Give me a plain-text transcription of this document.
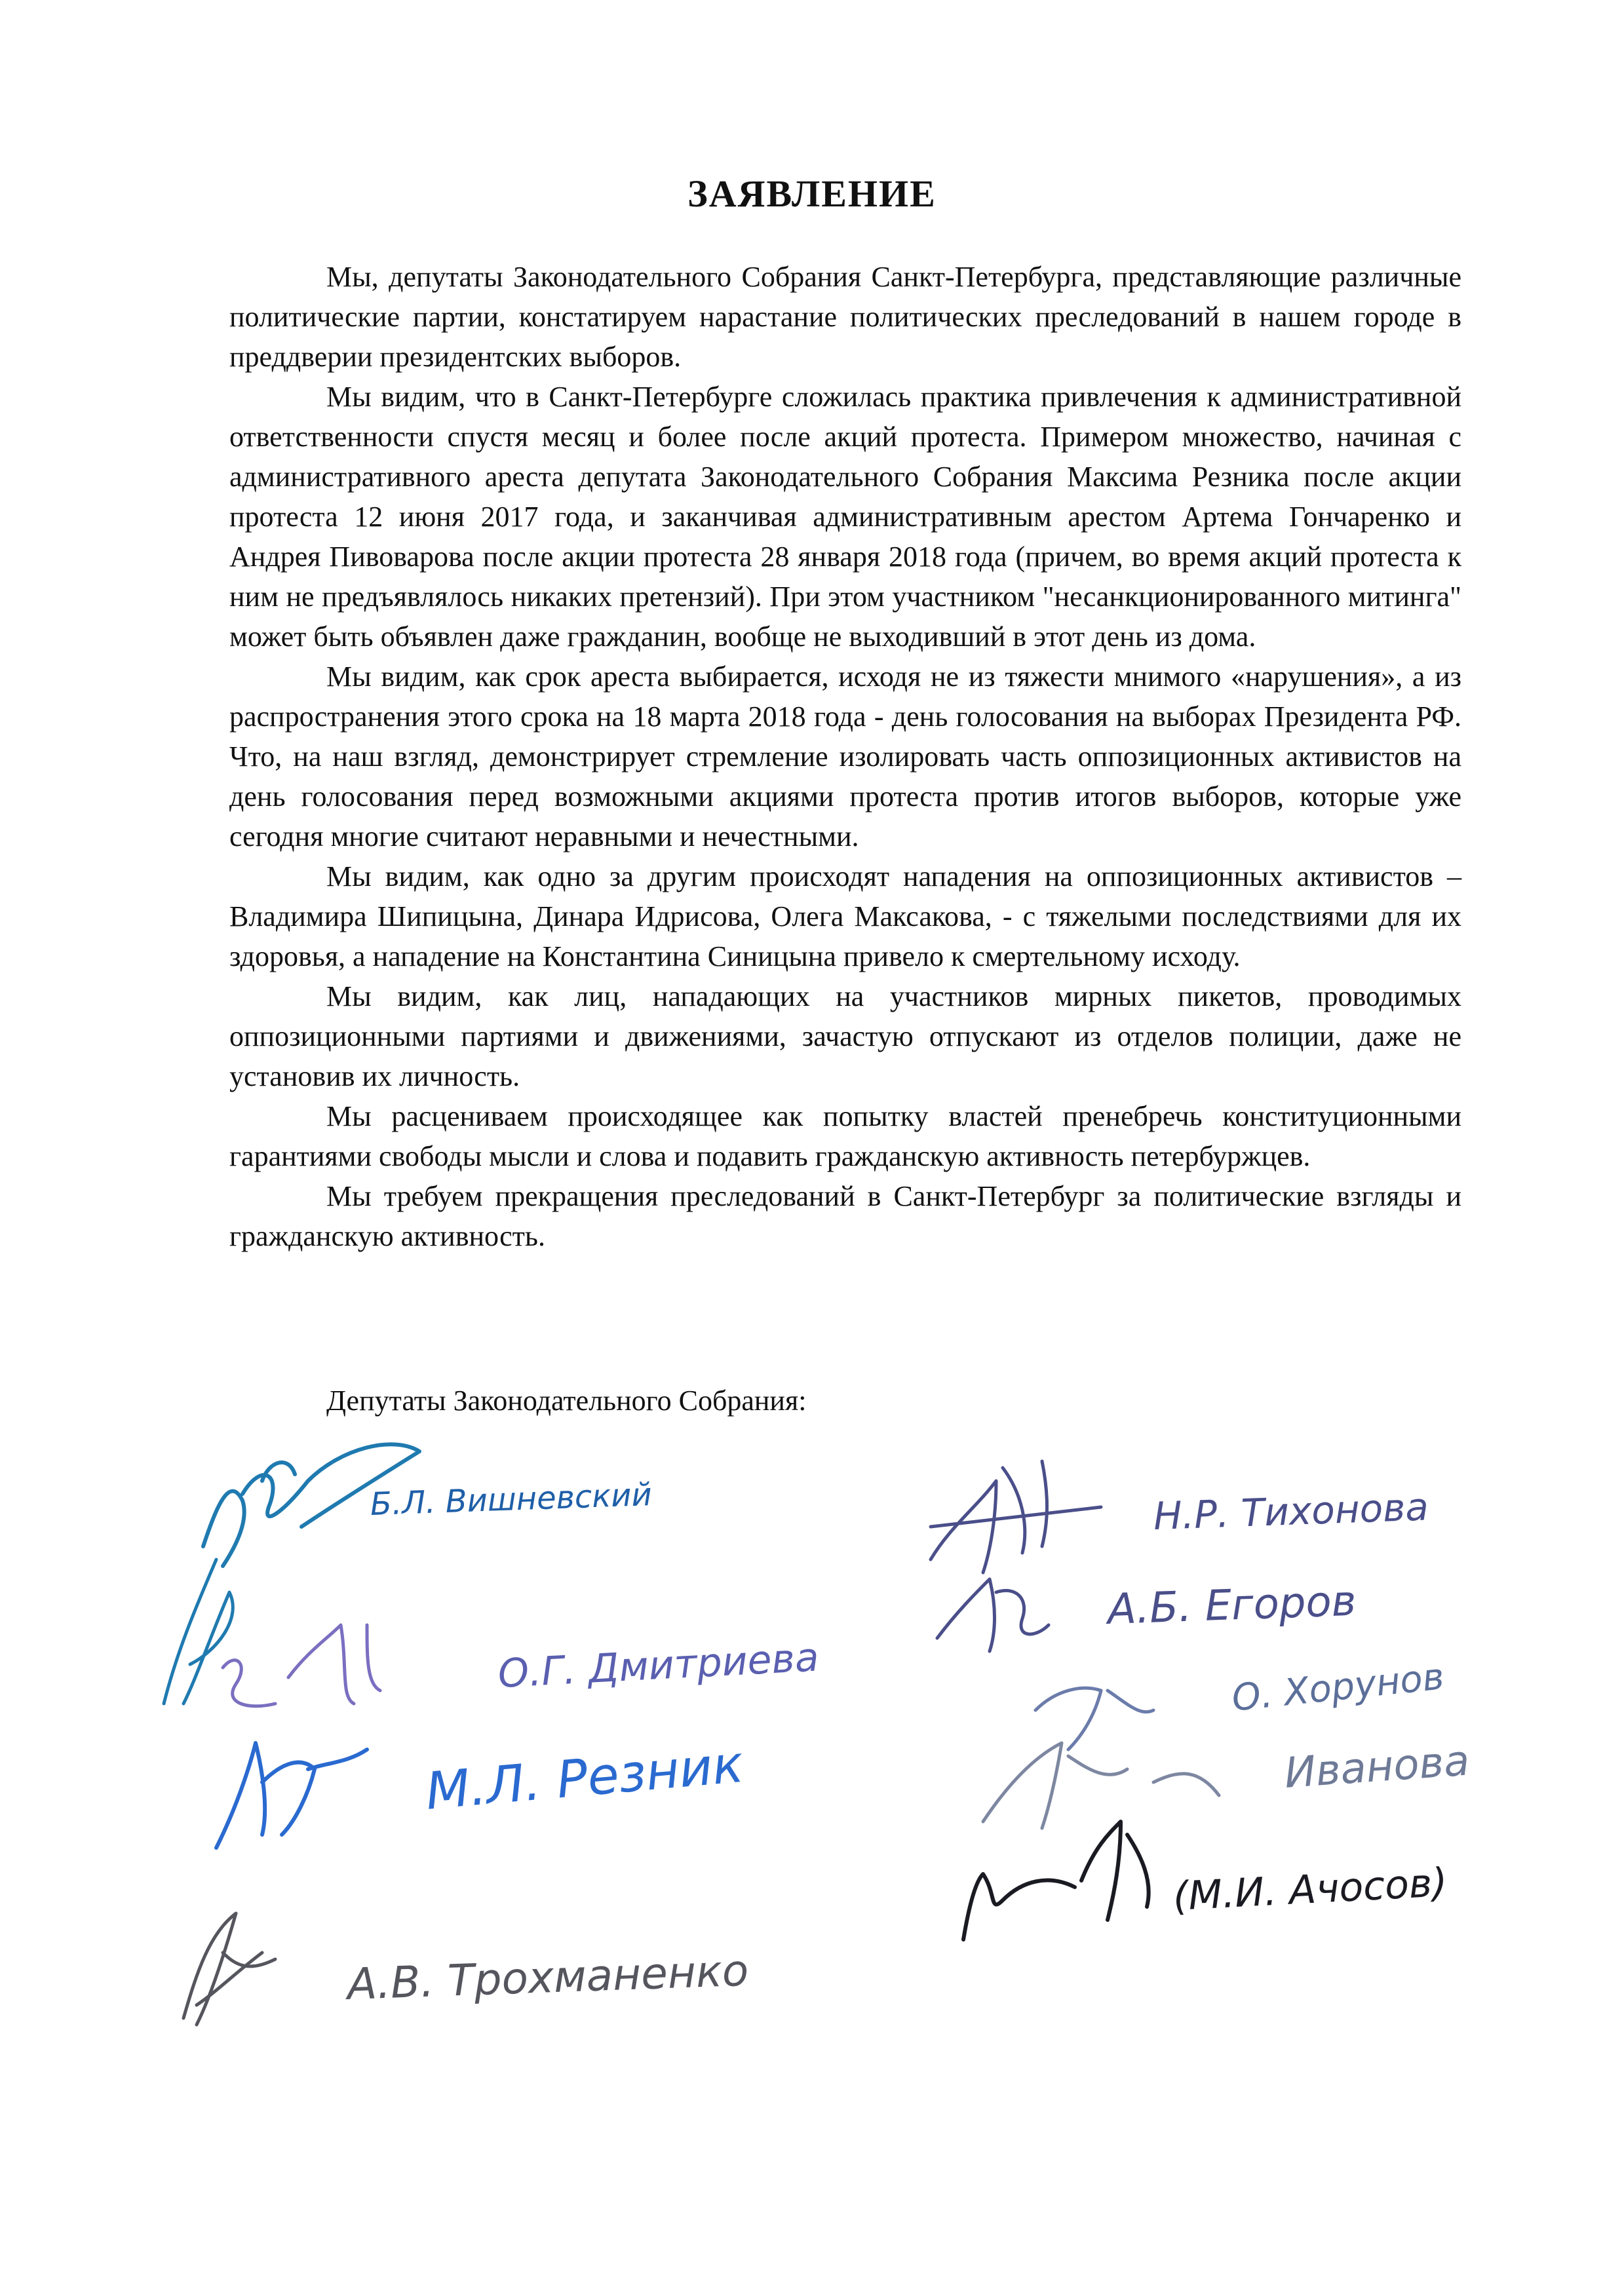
ЗАЯВЛЕНИЕ

Мы, депутаты Законодательного Собрания Санкт-Петербурга, представляющие различные политические партии, констатируем нарастание политических преследований в нашем городе в преддверии президентских выборов.

Мы видим, что в Санкт-Петербурге сложилась практика привлечения к административной ответственности спустя месяц и более после акций протеста. Примером множество, начиная с административного ареста депутата Законодательного Собрания Максима Резника после акции протеста 12 июня 2017 года, и заканчивая административным арестом Артема Гончаренко и Андрея Пивоварова после акции протеста 28 января 2018 года (причем, во время акций протеста к ним не предъявлялось никаких претензий). При этом участником "несанкционированного митинга" может быть объявлен даже гражданин, вообще не выходивший в этот день из дома.

Мы видим, как срок ареста выбирается, исходя не из тяжести мнимого «нарушения», а из распространения этого срока на 18 марта 2018 года - день голосования на выборах Президента РФ. Что, на наш взгляд, демонстрирует стремление изолировать часть оппозиционных активистов на день голосования перед возможными акциями протеста против итогов выборов, которые уже сегодня многие считают неравными и нечестными.

Мы видим, как одно за другим происходят нападения на оппозиционных активистов – Владимира Шипицына, Динара Идрисова, Олега Максакова, - с тяжелыми последствиями для их здоровья, а нападение на Константина Синицына привело к смертельному исходу.

Мы видим, как лиц, нападающих на участников мирных пикетов, проводимых оппозиционными партиями и движениями, зачастую отпускают из отделов полиции, даже не установив их личность.

Мы расцениваем происходящее как попытку властей пренебречь конституционными гарантиями свободы мысли и слова и подавить гражданскую активность петербуржцев.

Мы требуем прекращения преследований в Санкт-Петербург за политические взгляды и гражданскую активность.

Депутаты Законодательного Собрания:
Б.Л. Вишневский
О.Г. Дмитриева
М.Л. Резник
А.В. Трохманенко
Н.Р. Тихонова
А.Б. Егоров
О. Хорунов
Иванова
(М.И. Ачосов)
